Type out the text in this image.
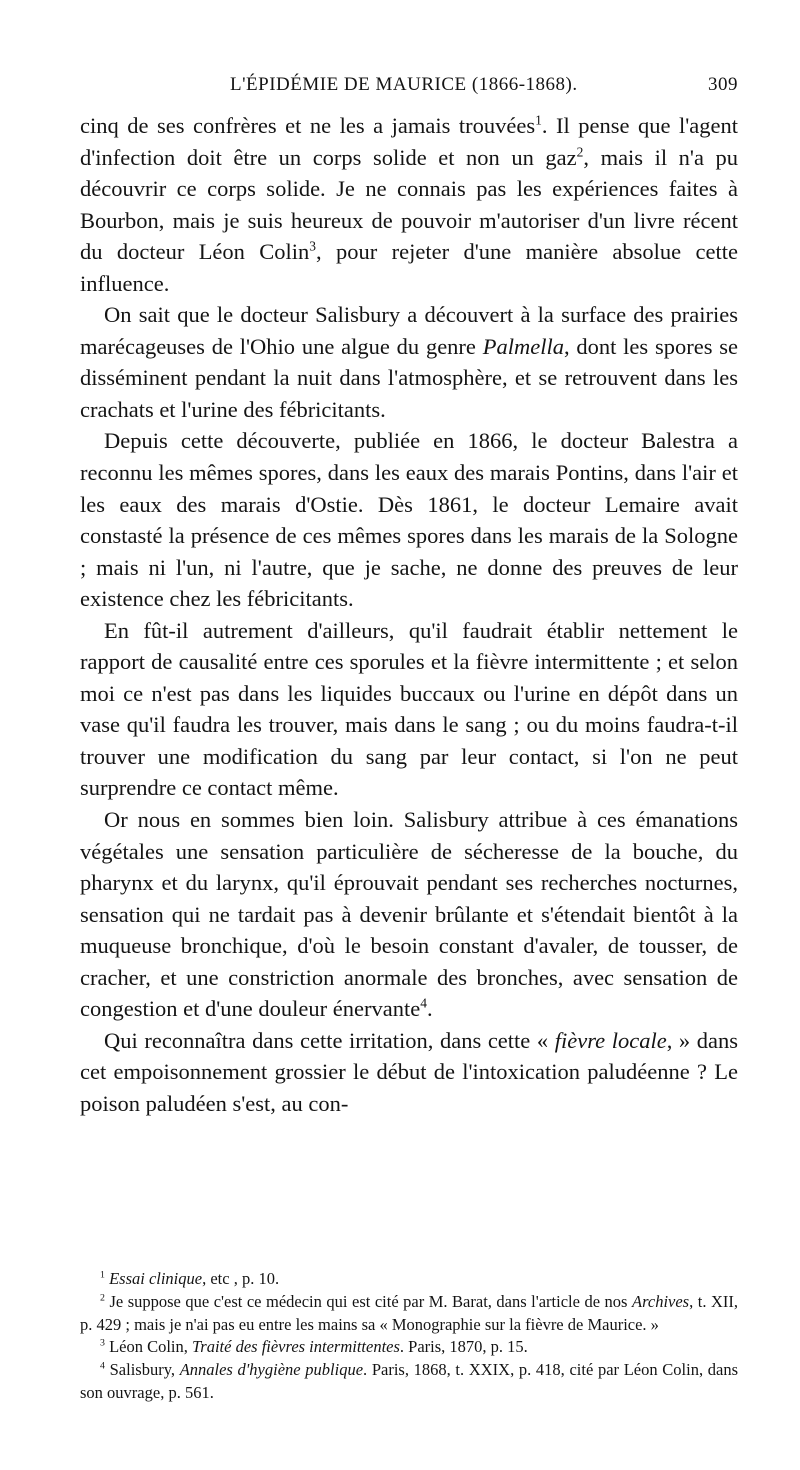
L'ÉPIDÉMIE DE MAURICE (1866-1868).	309

cinq de ses confrères et ne les a jamais trouvées$^1$. Il pense que l'agent d'infection doit être un corps solide et non un gaz$^2$, mais il n'a pu découvrir ce corps solide. Je ne connais pas les expériences faites à Bourbon, mais je suis heureux de pouvoir m'autoriser d'un livre récent du docteur Léon Colin$^3$, pour rejeter d'une manière absolue cette influence.

On sait que le docteur Salisbury a découvert à la surface des prairies marécageuses de l'Ohio une algue du genre Palmella, dont les spores se disséminent pendant la nuit dans l'atmosphère, et se retrouvent dans les crachats et l'urine des fébricitants.

Depuis cette découverte, publiée en 1866, le docteur Balestra a reconnu les mêmes spores, dans les eaux des marais Pontins, dans l'air et les eaux des marais d'Ostie. Dès 1861, le docteur Lemaire avait constasté la présence de ces mêmes spores dans les marais de la Sologne ; mais ni l'un, ni l'autre, que je sache, ne donne des preuves de leur existence chez les fébricitants.

En fût-il autrement d'ailleurs, qu'il faudrait établir nettement le rapport de causalité entre ces sporules et la fièvre intermittente ; et selon moi ce n'est pas dans les liquides buccaux ou l'urine en dépôt dans un vase qu'il faudra les trouver, mais dans le sang ; ou du moins faudra-t-il trouver une modification du sang par leur contact, si l'on ne peut surprendre ce contact même.

Or nous en sommes bien loin. Salisbury attribue à ces émanations végétales une sensation particulière de sécheresse de la bouche, du pharynx et du larynx, qu'il éprouvait pendant ses recherches nocturnes, sensation qui ne tardait pas à devenir brûlante et s'étendait bientôt à la muqueuse bronchique, d'où le besoin constant d'avaler, de tousser, de cracher, et une constriction anormale des bronches, avec sensation de congestion et d'une douleur énervante$^4$.

Qui reconnaîtra dans cette irritation, dans cette « fièvre locale, » dans cet empoisonnement grossier le début de l'intoxication paludéenne ? Le poison paludéen s'est, au con-

$^1$ Essai clinique, etc , p. 10.

$^2$ Je suppose que c'est ce médecin qui est cité par M. Barat, dans l'article de nos Archives, t. XII, p. 429 ; mais je n'ai pas eu entre les mains sa « Monographie sur la fièvre de Maurice. »

$^3$ Léon Colin, Traité des fièvres intermittentes. Paris, 1870, p. 15.

$^4$ Salisbury, Annales d'hygiène publique. Paris, 1868, t. XXIX, p. 418, cité par Léon Colin, dans son ouvrage, p. 561.
